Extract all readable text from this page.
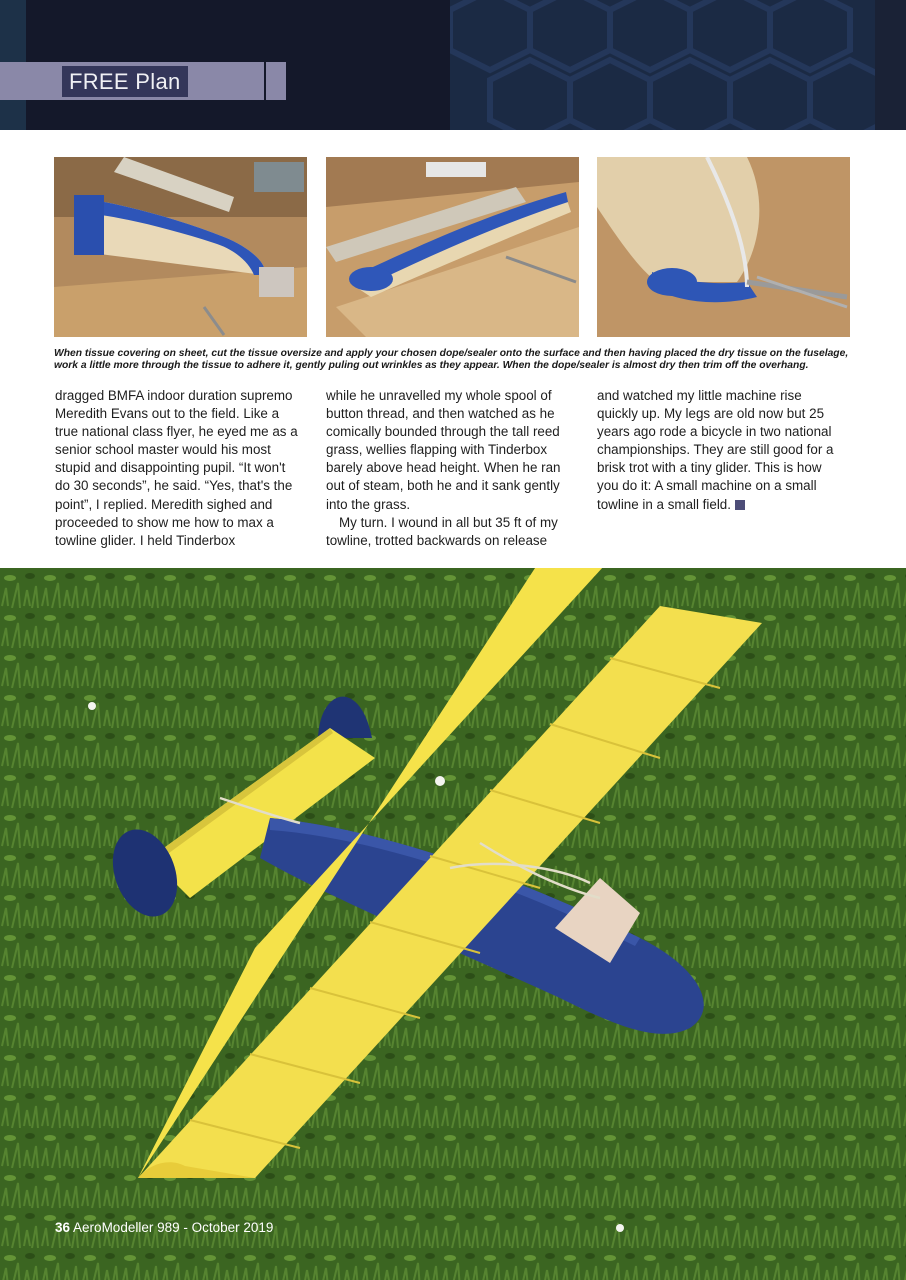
FREE Plan
When tissue covering on sheet, cut the tissue oversize and apply your chosen dope/sealer onto the surface and then having placed the dry tissue on the fuselage, work a little more through the tissue to adhere it, gently puling out wrinkles as they appear. When the dope/sealer is almost dry then trim off the overhang.

dragged BMFA indoor duration supremo Meredith Evans out to the field. Like a true national class flyer, he eyed me as a senior school master would his most stupid and disappointing pupil. “It won't do 30 seconds”, he said. “Yes, that's the point”, I replied. Meredith sighed and proceeded to show me how to max a towline glider. I held Tinderbox

while he unravelled my whole spool of button thread, and then watched as he comically bounded through the tall reed grass, wellies flapping with Tinderbox barely above head height. When he ran out of steam, both he and it sank gently into the grass.

My turn. I wound in all but 35 ft of my towline, trotted backwards on release

and watched my little machine rise quickly up. My legs are old now but 25 years ago rode a bicycle in two national championships. They are still good for a brisk trot with a tiny glider. This is how you do it: A small machine on a small towline in a small field.

36 AeroModeller 989 - October 2019
